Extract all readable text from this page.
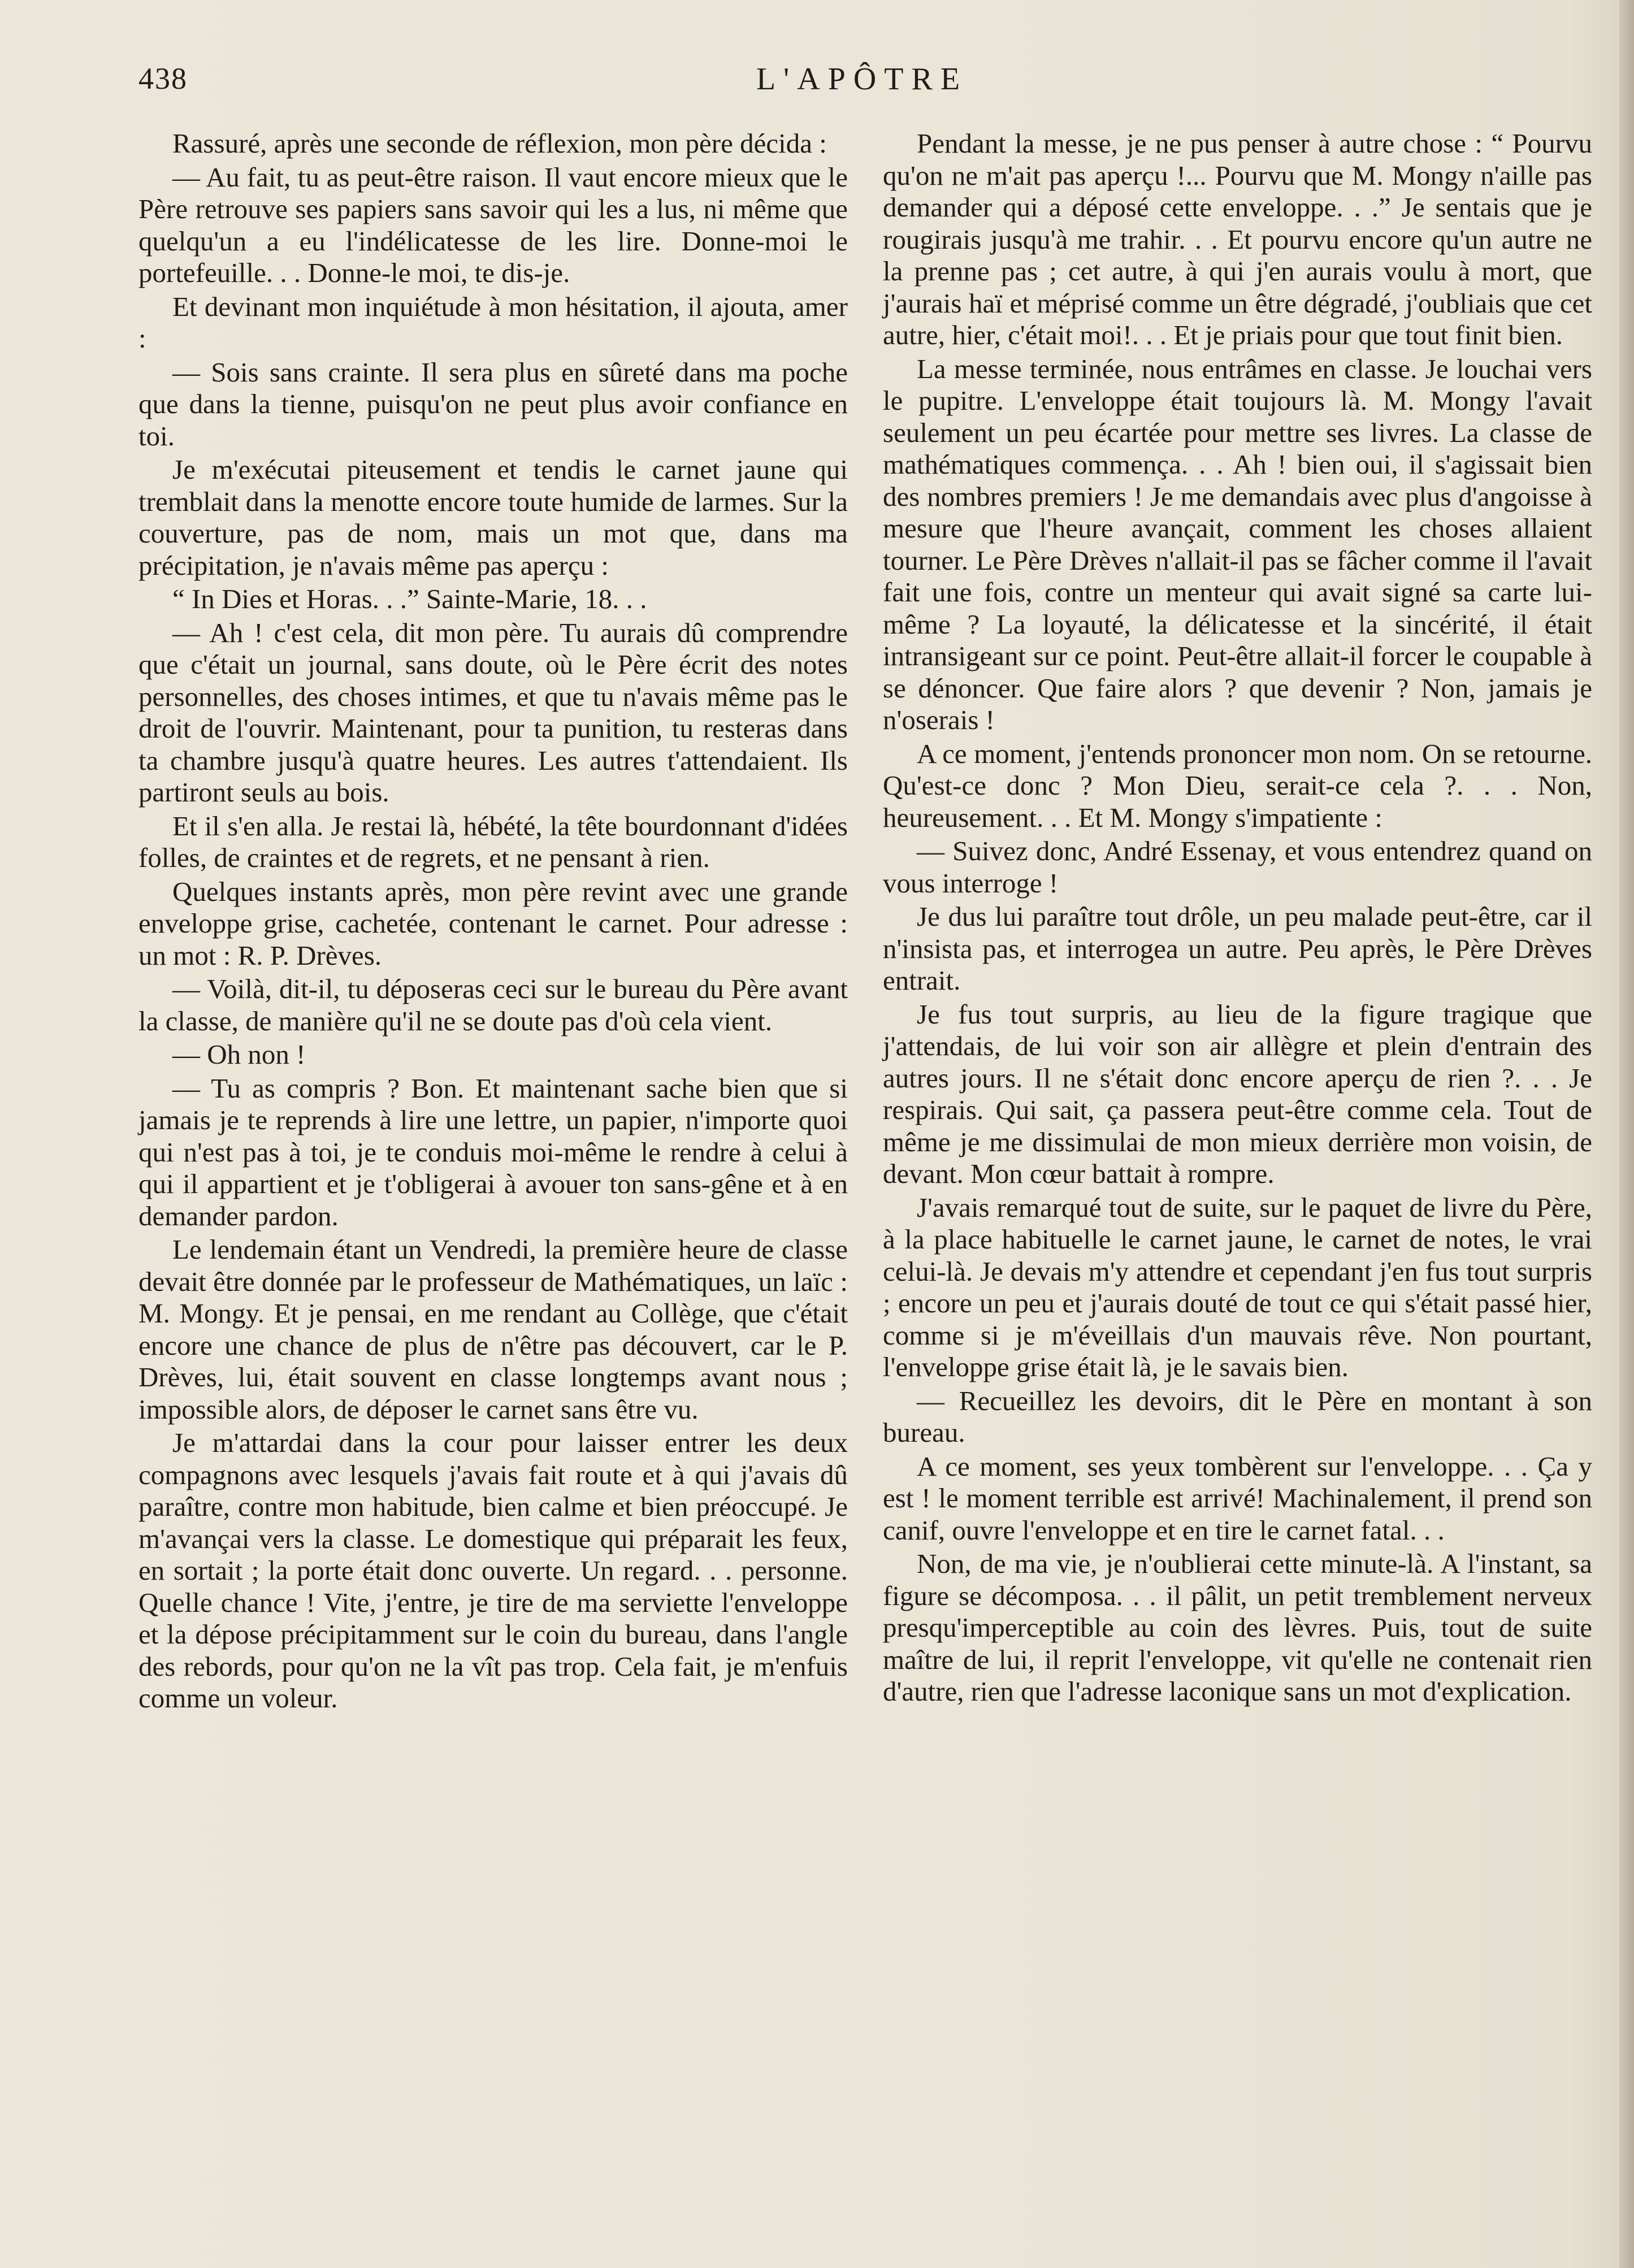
438	L'APÔTRE

Rassuré, après une seconde de réflexion, mon père décida :

— Au fait, tu as peut-être raison. Il vaut encore mieux que le Père retrouve ses papiers sans savoir qui les a lus, ni même que quelqu'un a eu l'indélicatesse de les lire. Donne-moi le portefeuille. . . Donne-le moi, te dis-je.

Et devinant mon inquiétude à mon hésitation, il ajouta, amer :

— Sois sans crainte. Il sera plus en sûreté dans ma poche que dans la tienne, puisqu'on ne peut plus avoir confiance en toi.

Je m'exécutai piteusement et tendis le carnet jaune qui tremblait dans la menotte encore toute humide de larmes. Sur la couverture, pas de nom, mais un mot que, dans ma précipitation, je n'avais même pas aperçu :

“ In Dies et Horas. . .” Sainte-Marie, 18. . .

— Ah ! c'est cela, dit mon père. Tu aurais dû comprendre que c'était un journal, sans doute, où le Père écrit des notes personnelles, des choses intimes, et que tu n'avais même pas le droit de l'ouvrir. Maintenant, pour ta punition, tu resteras dans ta chambre jusqu'à quatre heures. Les autres t'attendaient. Ils partiront seuls au bois.

Et il s'en alla. Je restai là, hébété, la tête bourdonnant d'idées folles, de craintes et de regrets, et ne pensant à rien.

Quelques instants après, mon père revint avec une grande enveloppe grise, cachetée, contenant le carnet. Pour adresse : un mot : R. P. Drèves.

— Voilà, dit-il, tu déposeras ceci sur le bureau du Père avant la classe, de manière qu'il ne se doute pas d'où cela vient.

— Oh non !

— Tu as compris ? Bon. Et maintenant sache bien que si jamais je te reprends à lire une lettre, un papier, n'importe quoi qui n'est pas à toi, je te conduis moi-même le rendre à celui à qui il appartient et je t'obligerai à avouer ton sans-gêne et à en demander pardon.

Le lendemain étant un Vendredi, la première heure de classe devait être donnée par le professeur de Mathématiques, un laïc : M. Mongy. Et je pensai, en me rendant au Collège, que c'était encore une chance de plus de n'être pas découvert, car le P. Drèves, lui, était souvent en classe longtemps avant nous ; impossible alors, de déposer le carnet sans être vu.

Je m'attardai dans la cour pour laisser entrer les deux compagnons avec lesquels j'avais fait route et à qui j'avais dû paraître, contre mon habitude, bien calme et bien préoccupé. Je m'avançai vers la classe. Le domestique qui préparait les feux, en sortait ; la porte était donc ouverte. Un regard. . . personne. Quelle chance ! Vite, j'entre, je tire de ma serviette l'enveloppe et la dépose précipitamment sur le coin du bureau, dans l'angle des rebords, pour qu'on ne la vît pas trop. Cela fait, je m'enfuis comme un voleur.

Pendant la messe, je ne pus penser à autre chose : “ Pourvu qu'on ne m'ait pas aperçu !... Pourvu que M. Mongy n'aille pas demander qui a déposé cette enveloppe. . .” Je sentais que je rougirais jusqu'à me trahir. . . Et pourvu encore qu'un autre ne la prenne pas ; cet autre, à qui j'en aurais voulu à mort, que j'aurais haï et méprisé comme un être dégradé, j'oubliais que cet autre, hier, c'était moi!. . . Et je priais pour que tout finit bien.

La messe terminée, nous entrâmes en classe. Je louchai vers le pupitre. L'enveloppe était toujours là. M. Mongy l'avait seulement un peu écartée pour mettre ses livres. La classe de mathématiques commença. . . Ah ! bien oui, il s'agissait bien des nombres premiers ! Je me demandais avec plus d'angoisse à mesure que l'heure avançait, comment les choses allaient tourner. Le Père Drèves n'allait-il pas se fâcher comme il l'avait fait une fois, contre un menteur qui avait signé sa carte lui-même ? La loyauté, la délicatesse et la sincérité, il était intransigeant sur ce point. Peut-être allait-il forcer le coupable à se dénoncer. Que faire alors ? que devenir ? Non, jamais je n'oserais !

A ce moment, j'entends prononcer mon nom. On se retourne. Qu'est-ce donc ? Mon Dieu, serait-ce cela ?. . . Non, heureusement. . . Et M. Mongy s'impatiente :

— Suivez donc, André Essenay, et vous entendrez quand on vous interroge !

Je dus lui paraître tout drôle, un peu malade peut-être, car il n'insista pas, et interrogea un autre. Peu après, le Père Drèves entrait.

Je fus tout surpris, au lieu de la figure tragique que j'attendais, de lui voir son air allègre et plein d'entrain des autres jours. Il ne s'était donc encore aperçu de rien ?. . . Je respirais. Qui sait, ça passera peut-être comme cela. Tout de même je me dissimulai de mon mieux derrière mon voisin, de devant. Mon cœur battait à rompre.

J'avais remarqué tout de suite, sur le paquet de livre du Père, à la place habituelle le carnet jaune, le carnet de notes, le vrai celui-là. Je devais m'y attendre et cependant j'en fus tout surpris ; encore un peu et j'aurais douté de tout ce qui s'était passé hier, comme si je m'éveillais d'un mauvais rêve. Non pourtant, l'enveloppe grise était là, je le savais bien.

— Recueillez les devoirs, dit le Père en montant à son bureau.

A ce moment, ses yeux tombèrent sur l'enveloppe. . . Ça y est ! le moment terrible est arrivé! Machinalement, il prend son canif, ouvre l'enveloppe et en tire le carnet fatal. . .

Non, de ma vie, je n'oublierai cette minute-là. A l'instant, sa figure se décomposa. . . il pâlit, un petit tremblement nerveux presqu'imperceptible au coin des lèvres. Puis, tout de suite maître de lui, il reprit l'enveloppe, vit qu'elle ne contenait rien d'autre, rien que l'adresse laconique sans un mot d'explication.
